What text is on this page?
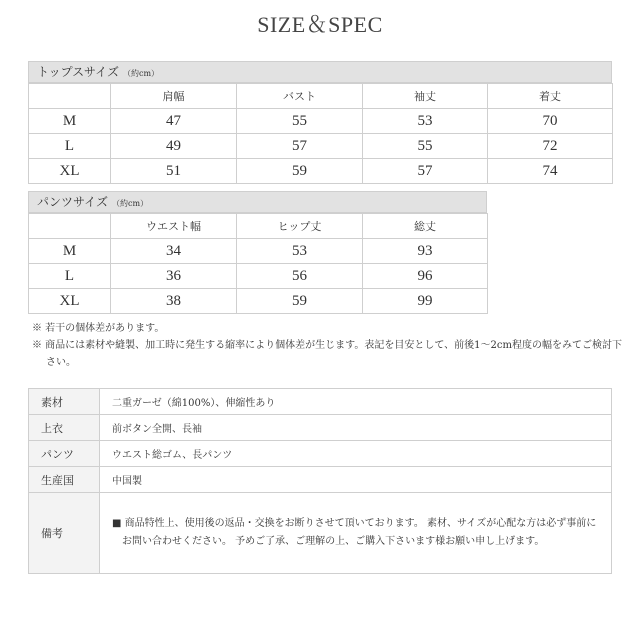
SIZE＆SPEC
トップスサイズ （約cm）
	肩幅	バスト	袖丈	着丈
M	47	55	53	70
L	49	57	55	72
XL	51	59	57	74
パンツサイズ （約cm）
	ウエスト幅	ヒップ丈	総丈
M	34	53	93
L	36	56	96
XL	38	59	99
※ 若干の個体差があります。
※ 商品には素材や縫製、加工時に発生する縮率により個体差が生じます。表記を目安として、前後1〜2cm程度の幅をみてご検討下さい。
素材	二重ガーゼ（綿100%）、伸縮性あり
上衣	前ボタン全開、長袖
パンツ	ウエスト総ゴム、長パンツ
生産国	中国製
備考	■ 商品特性上、使用後の返品・交換をお断りさせて頂いております。 素材、サイズが心配な方は必ず事前にお問い合わせください。 予めご了承、ご理解の上、ご購入下さいます様お願い申し上げます。
